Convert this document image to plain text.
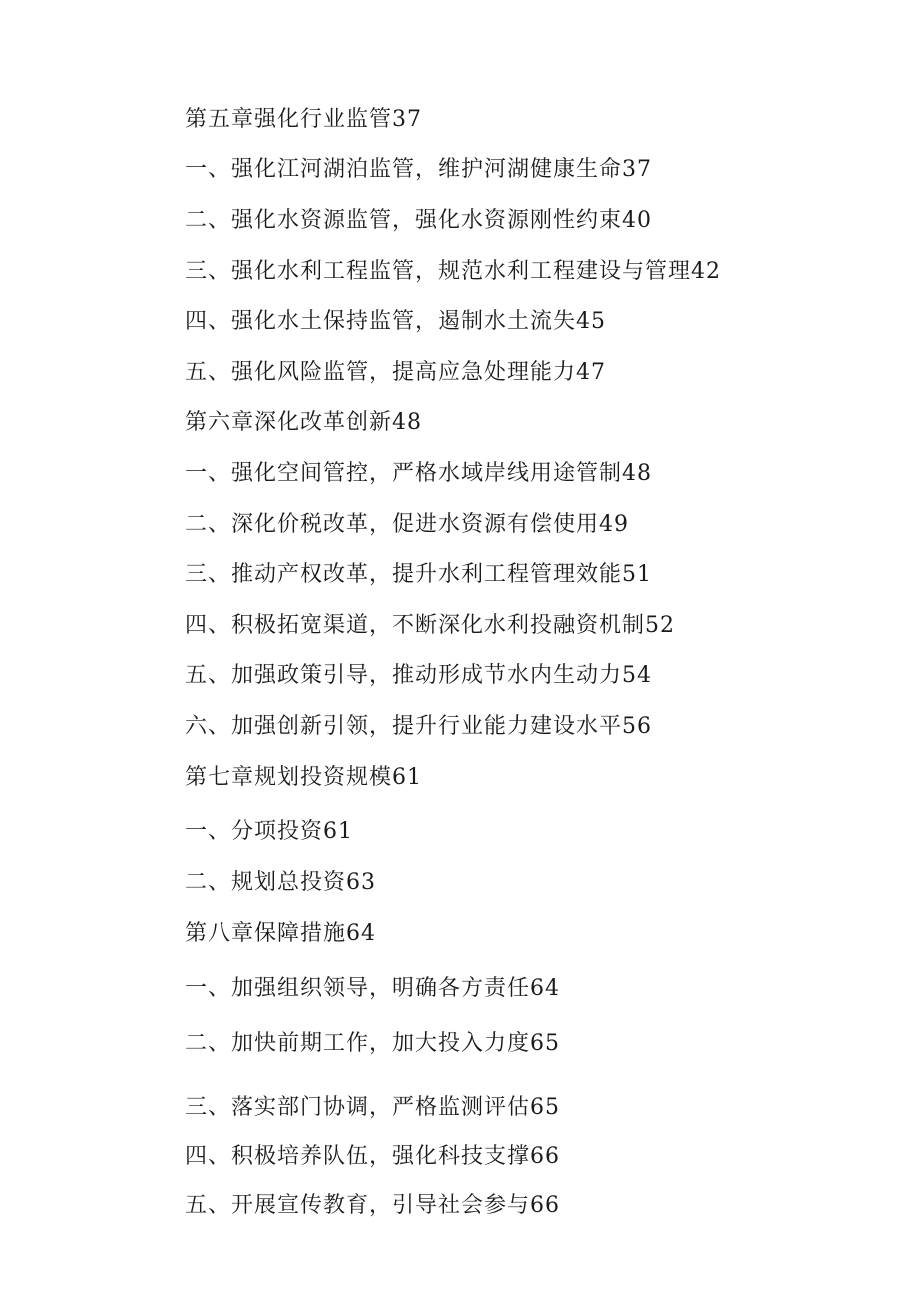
第五章强化行业监管37
一、强化江河湖泊监管，维护河湖健康生命37
二、强化水资源监管，强化水资源刚性约束40
三、强化水利工程监管，规范水利工程建设与管理42
四、强化水土保持监管，遏制水土流失45
五、强化风险监管，提高应急处理能力47
第六章深化改革创新48
一、强化空间管控，严格水域岸线用途管制48
二、深化价税改革，促进水资源有偿使用49
三、推动产权改革，提升水利工程管理效能51
四、积极拓宽渠道，不断深化水利投融资机制52
五、加强政策引导，推动形成节水内生动力54
六、加强创新引领，提升行业能力建设水平56
第七章规划投资规模61
一、分项投资61
二、规划总投资63
第八章保障措施64
一、加强组织领导，明确各方责任64
二、加快前期工作，加大投入力度65
三、落实部门协调，严格监测评估65
四、积极培养队伍，强化科技支撑66
五、开展宣传教育，引导社会参与66
